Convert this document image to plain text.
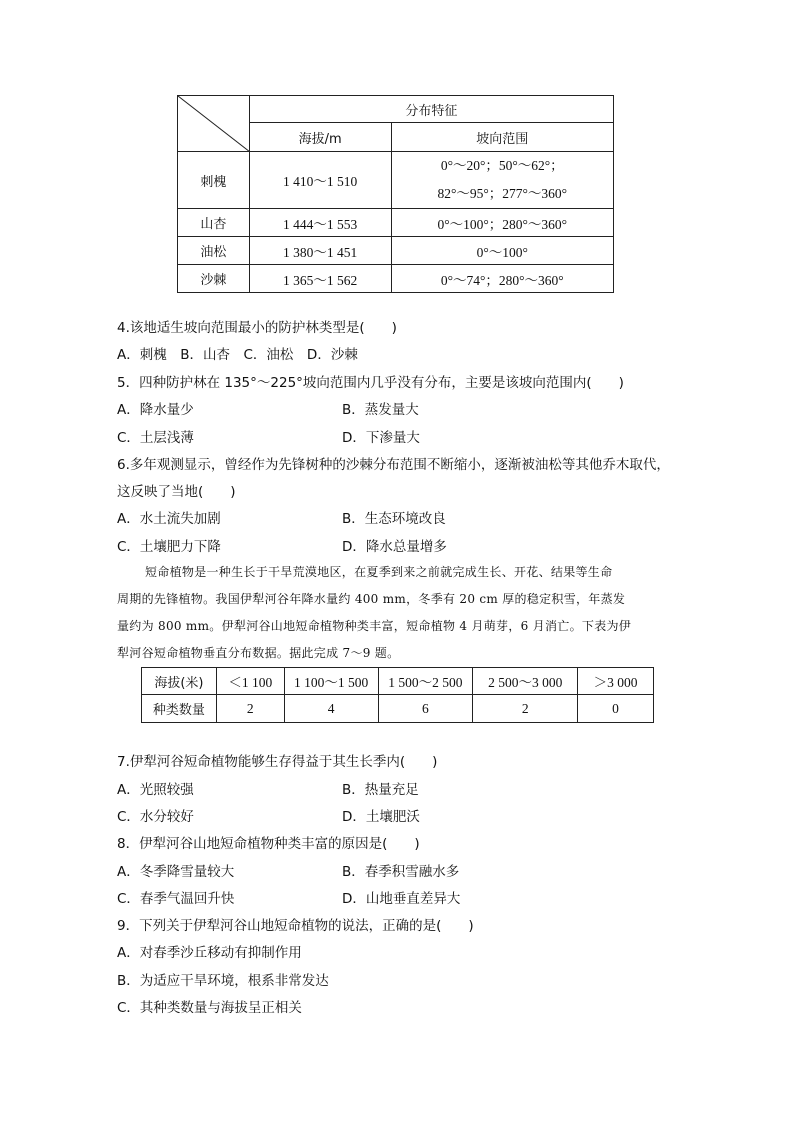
	分布特征	
	海拔/m	坡向范围
刺槐	1 410～1 510	0°～20°；50°～62°；
82°～95°；277°～360°

山杏	1 444～1 553	0°～100°；280°～360°
油松	1 380～1 451	0°～100°
沙棘	1 365～1 562	0°～74°；280°～360°
4.该地适生坡向范围最小的防护林类型是(　　)
A．刺槐　B．山杏　C．油松　D．沙棘
5．四种防护林在 135°～225°坡向范围内几乎没有分布，主要是该坡向范围内(　　)
A．降水量少	B．蒸发量大
C．土层浅薄	D．下渗量大
6.多年观测显示，曾经作为先锋树种的沙棘分布范围不断缩小，逐渐被油松等其他乔木取代，
这反映了当地(　　)
A．水土流失加剧	B．生态环境改良
C．土壤肥力下降	D．降水总量增多
短命植物是一种生长于干旱荒漠地区，在夏季到来之前就完成生长、开花、结果等生命
周期的先锋植物。我国伊犁河谷年降水量约 400 mm，冬季有 20 cm 厚的稳定积雪，年蒸发
量约为 800 mm。伊犁河谷山地短命植物种类丰富，短命植物 4 月萌芽，6 月消亡。下表为伊
犁河谷短命植物垂直分布数据。据此完成 7～9 题。
海拔(米)	＜1 100	1 100～1 500	1 500～2 500	2 500～3 000	＞3 000
种类数量	2	4	6	2	0
7.伊犁河谷短命植物能够生存得益于其生长季内(　　)
A．光照较强	B．热量充足
C．水分较好	D．土壤肥沃
8．伊犁河谷山地短命植物种类丰富的原因是(　　)
A．冬季降雪量较大	B．春季积雪融水多
C．春季气温回升快	D．山地垂直差异大
9．下列关于伊犁河谷山地短命植物的说法，正确的是(　　)
A．对春季沙丘移动有抑制作用
B．为适应干旱环境，根系非常发达
C．其种类数量与海拔呈正相关
